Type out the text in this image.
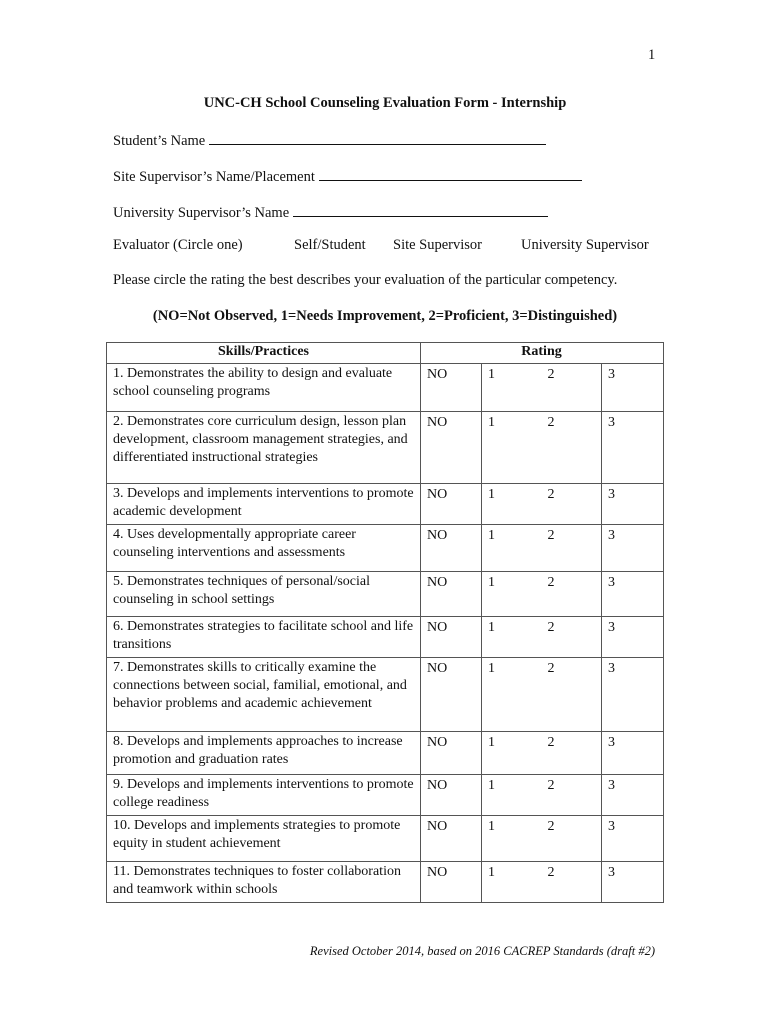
1
UNC-CH School Counseling Evaluation Form - Internship
Student’s Name
Site Supervisor’s Name/Placement
University Supervisor’s Name
Evaluator (Circle one)	Self/Student Site Supervisor	University Supervisor
Please circle the rating the best describes your evaluation of the particular competency.
(NO=Not Observed, 1=Needs Improvement, 2=Proficient, 3=Distinguished)
Skills/Practices		Rating		
1. Demonstrates the ability to design and evaluate school counseling programs	NO	1	2	3
2. Demonstrates core curriculum design, lesson plan development, classroom management strategies, and differentiated instructional strategies	NO	1	2	3
3. Develops and implements interventions to promote academic development	NO	1	2	3
4. Uses developmentally appropriate career counseling interventions and assessments	NO	1	2	3
5. Demonstrates techniques of personal/social counseling in school settings	NO	1	2	3
6. Demonstrates strategies to facilitate school and life transitions	NO	1	2	3
7. Demonstrates skills to critically examine the connections between social, familial, emotional, and behavior problems and academic achievement	NO	1	2	3
8. Develops and implements approaches to increase promotion and graduation rates	NO	1	2	3
9. Develops and implements interventions to promote college readiness	NO	1	2	3
10. Develops and implements strategies to promote equity in student achievement	NO	1	2	3
11. Demonstrates techniques to foster collaboration and teamwork within schools	NO	1	2	3
Revised October 2014, based on 2016 CACREP Standards (draft #2)
